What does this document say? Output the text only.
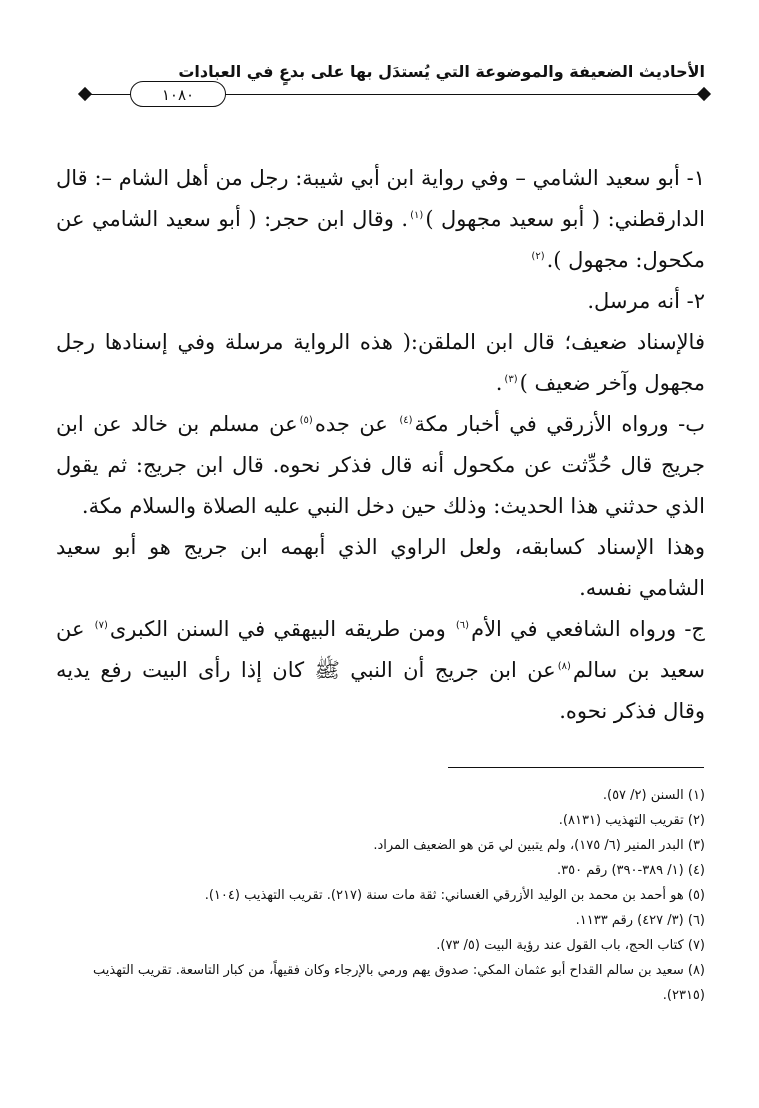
الأحاديث الضعيفة والموضوعة التي يُستدَل بها على بدعٍ في العبادات
١٠٨٠

١- أبو سعيد الشامي – وفي رواية ابن أبي شيبة: رجل من أهل الشام –: قال الدارقطني: ( أبو سعيد مجهول )$^{(١)}$. وقال ابن حجر: ( أبو سعيد الشامي عن مكحول: مجهول ).$^{(٢)}$

٢- أنه مرسل.

فالإسناد ضعيف؛ قال ابن الملقن:( هذه الرواية مرسلة وفي إسنادها رجل مجهول وآخر ضعيف )$^{(٣)}$.

ب- ورواه الأزرقي في أخبار مكة$^{(٤)}$ عن جده$^{(٥)}$عن مسلم بن خالد عن ابن جريج قال حُدِّثت عن مكحول أنه قال فذكر نحوه. قال ابن جريج: ثم يقول الذي حدثني هذا الحديث: وذلك حين دخل النبي عليه الصلاة والسلام مكة.

وهذا الإسناد كسابقه، ولعل الراوي الذي أبهمه ابن جريج هو أبو سعيد الشامي نفسه.

ج- ورواه الشافعي في الأم$^{(٦)}$ ومن طريقه البيهقي في السنن الكبرى$^{(٧)}$ عن سعيد بن سالم$^{(٨)}$عن ابن جريج أن النبي ﷺ كان إذا رأى البيت رفع يديه وقال فذكر نحوه.

(١) السنن (٢/ ٥٧).

(٢) تقريب التهذيب (٨١٣١).

(٣) البدر المنير (٦/ ١٧٥)، ولم يتبين لي مَن هو الضعيف المراد.

(٤) (١/ ٣٨٩-٣٩٠) رقم ٣٥٠.

(٥) هو أحمد بن محمد بن الوليد الأزرقي الغساني: ثقة مات سنة (٢١٧). تقريب التهذيب (١٠٤).

(٦) (٣/ ٤٢٧) رقم ١١٣٣.

(٧) كتاب الحج، باب القول عند رؤية البيت (٥/ ٧٣).

(٨) سعيد بن سالم القداح أبو عثمان المكي: صدوق يهم ورمي بالإرجاء وكان فقيهاً، من كبار التاسعة. تقريب التهذيب (٢٣١٥).
